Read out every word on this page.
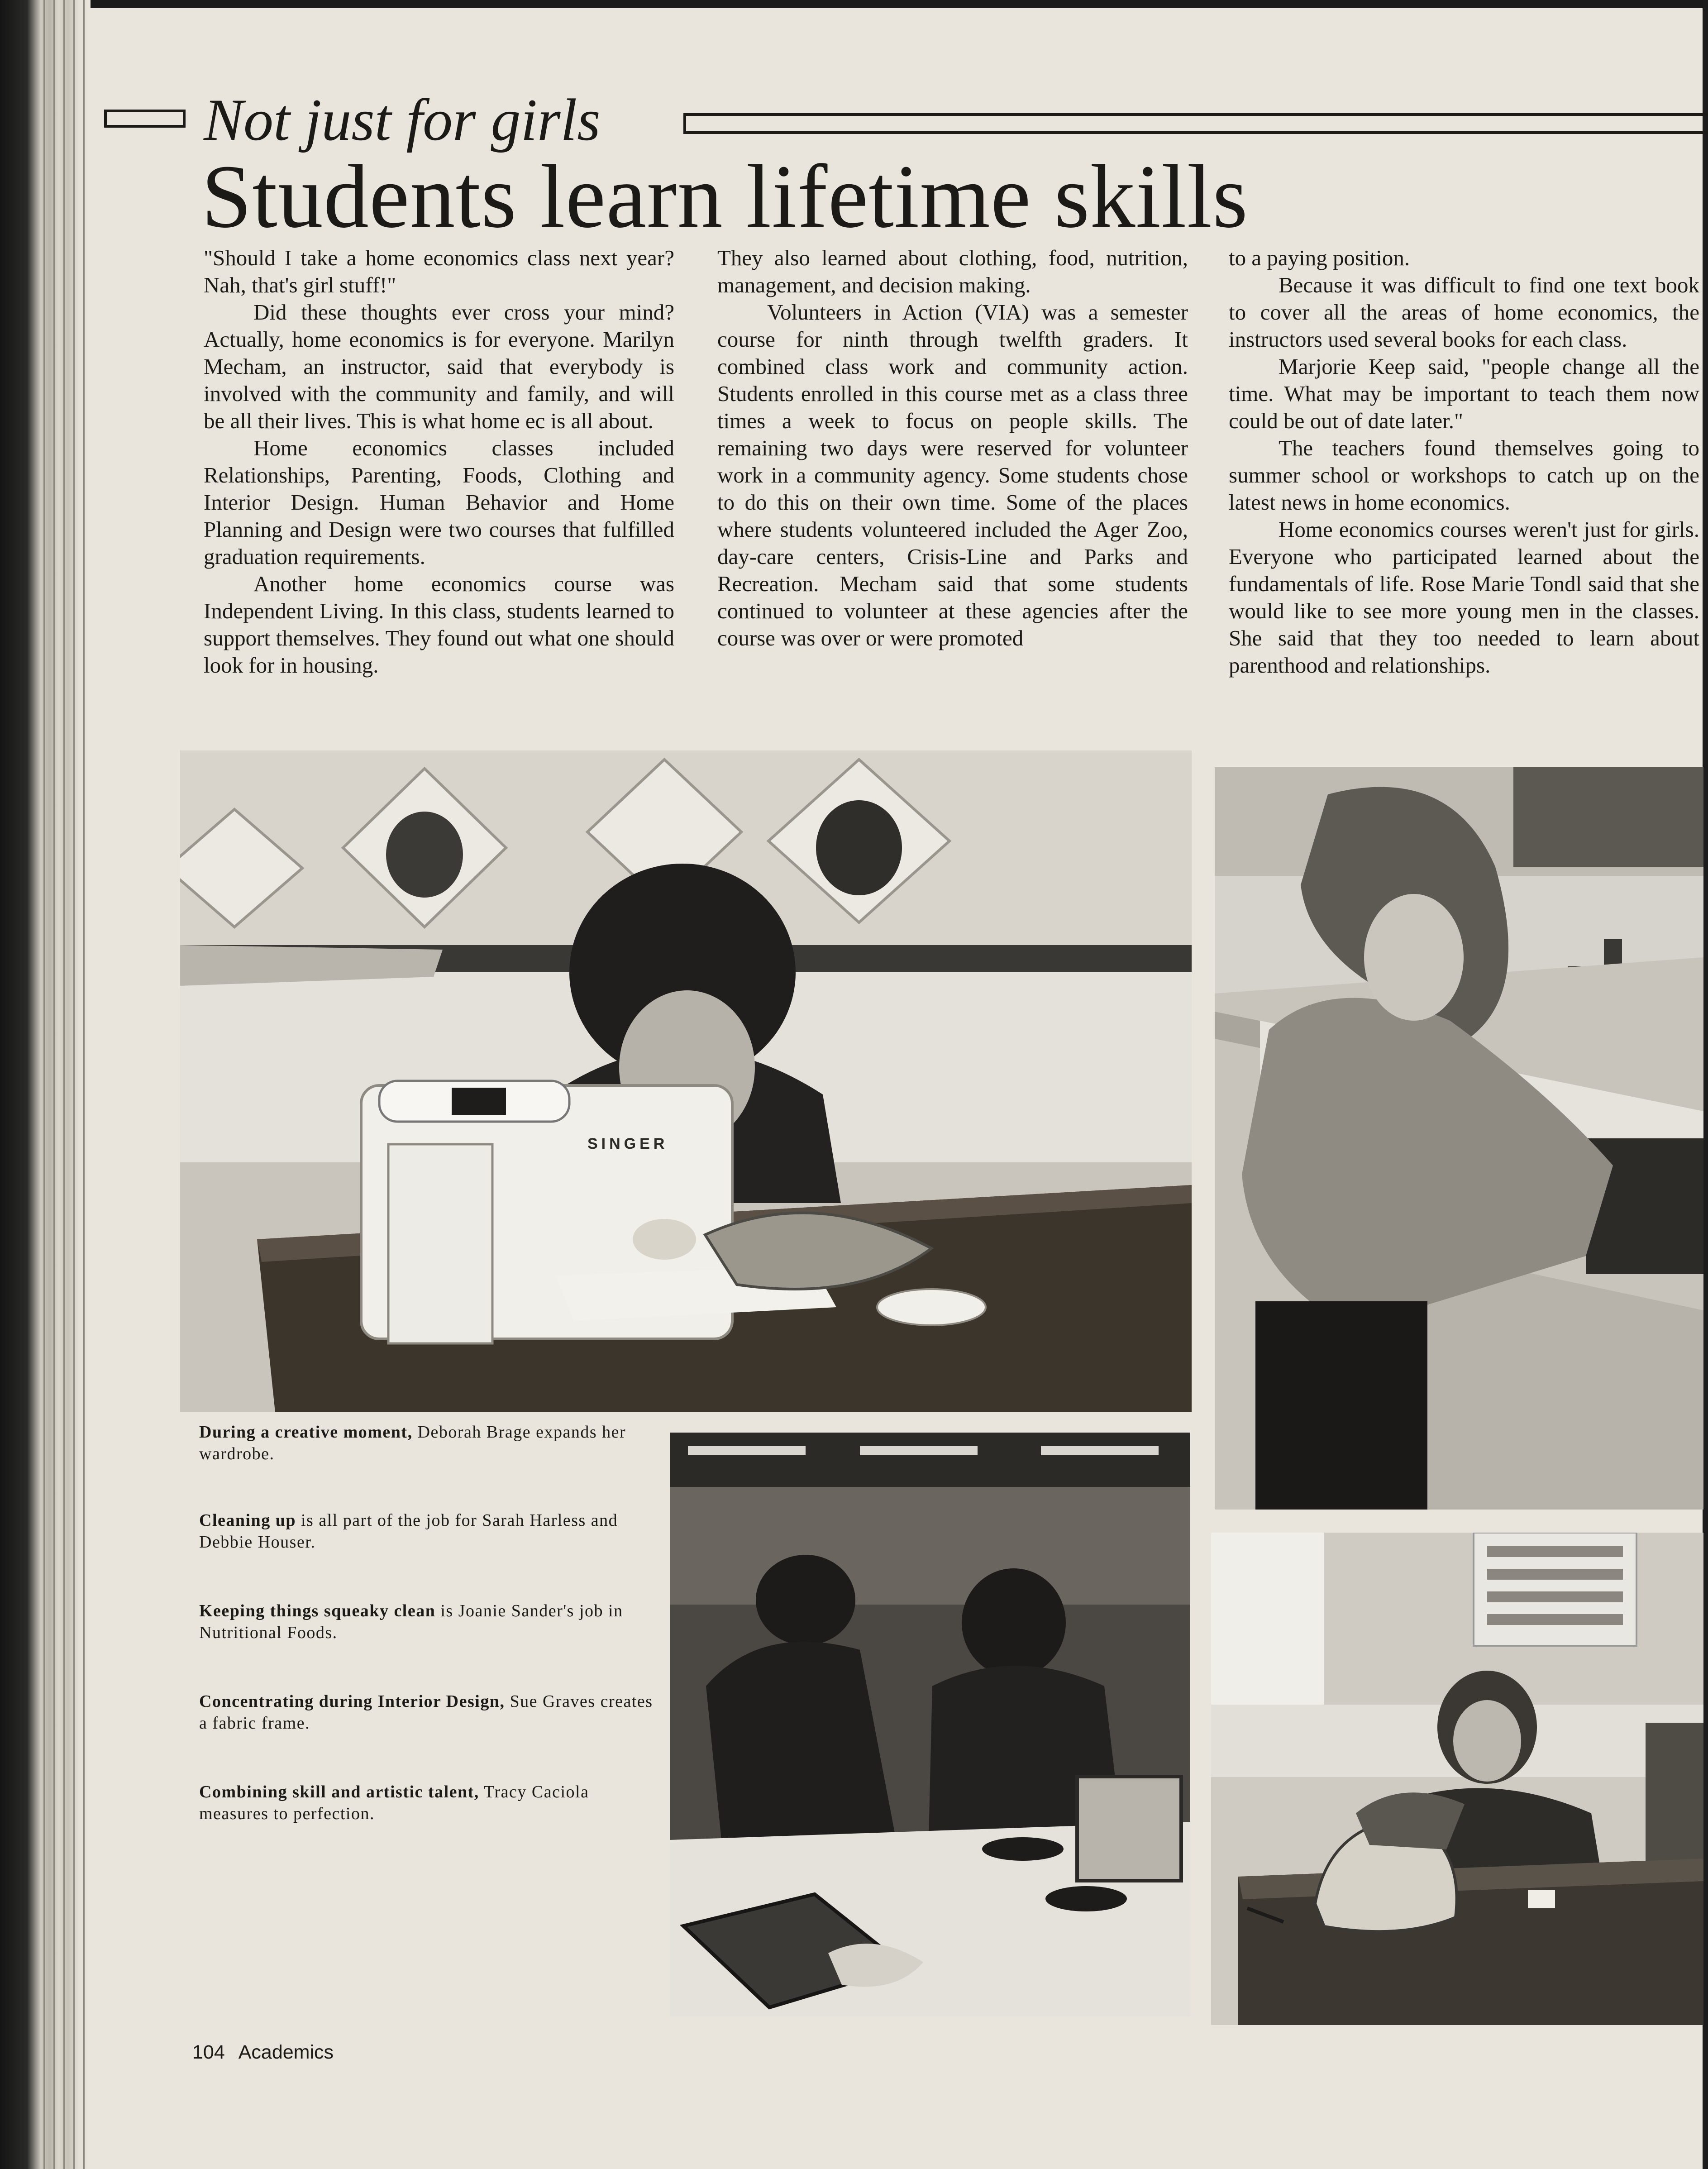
Not just for girls
Students learn lifetime skills

"Should I take a home economics class next year? Nah, that's girl stuff!"

Did these thoughts ever cross your mind? Actually, home economics is for everyone. Marilyn Mecham, an instructor, said that everybody is involved with the community and family, and will be all their lives. This is what home ec is all about.

Home economics classes included Relationships, Parenting, Foods, Clothing and Interior Design. Human Behavior and Home Planning and Design were two courses that fulfilled graduation requirements.

Another home economics course was Independent Living. In this class, students learned to support themselves. They found out what one should look for in housing.

They also learned about clothing, food, nutrition, management, and decision making.

Volunteers in Action (VIA) was a semester course for ninth through twelfth graders. It combined class work and community action. Students enrolled in this course met as a class three times a week to focus on people skills. The remaining two days were reserved for volunteer work in a community agency. Some students chose to do this on their own time. Some of the places where students volunteered included the Ager Zoo, day-care centers, Crisis-Line and Parks and Recreation. Mecham said that some students continued to volunteer at these agencies after the course was over or were promoted

to a paying position.

Because it was difficult to find one text book to cover all the areas of home economics, the instructors used several books for each class.

Marjorie Keep said, "people change all the time. What may be important to teach them now could be out of date later."

The teachers found themselves going to summer school or workshops to catch up on the latest news in home economics.

Home economics courses weren't just for girls. Everyone who participated learned about the fundamentals of life. Rose Marie Tondl said that she would like to see more young men in the classes. She said that they too needed to learn about parenthood and relationships.

SINGER
During a creative moment, Deborah Brage expands her wardrobe.
Cleaning up is all part of the job for Sarah Harless and Debbie Houser.
Keeping things squeaky clean is Joanie Sander's job in Nutritional Foods.
Concentrating during Interior Design, Sue Graves creates a fabric frame.
Combining skill and artistic talent, Tracy Caciola measures to perfection.
104 Academics
